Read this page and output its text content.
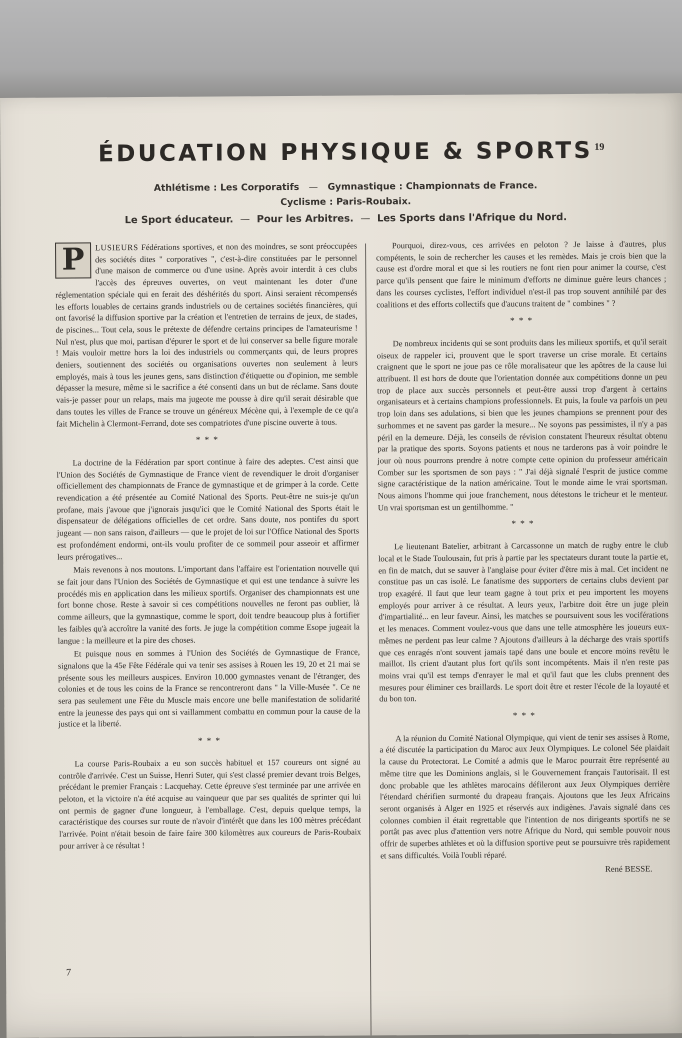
19
ÉDUCATION PHYSIQUE & SPORTS
Athlétisme : Les Corporatifs — Gymnastique : Championnats de France.
Cyclisme : Paris-Roubaix.
Le Sport éducateur. — Pour les Arbitres. — Les Sports dans l'Afrique du Nord.

P LUSIEURS Fédérations sportives, et non des moindres, se sont préoccupées des sociétés dites " corporatives ", c'est-à-dire constituées par le personnel d'une maison de commerce ou d'une usine. Après avoir interdit à ces clubs l'accès des épreuves ouvertes, on veut maintenant les doter d'une réglementation spéciale qui en ferait des déshérités du sport. Ainsi seraient récompensés les efforts louables de certains grands industriels ou de certaines sociétés financières, qui ont favorisé la diffusion sportive par la création et l'entretien de terrains de jeux, de stades, de piscines... Tout cela, sous le prétexte de défendre certains principes de l'amateurisme ! Nul n'est, plus que moi, partisan d'épurer le sport et de lui conserver sa belle figure morale ! Mais vouloir mettre hors la loi des industriels ou commerçants qui, de leurs propres deniers, soutiennent des sociétés ou organisations ouvertes non seulement à leurs employés, mais à tous les jeunes gens, sans distinction d'étiquette ou d'opinion, me semble dépasser la mesure, même si le sacrifice a été consenti dans un but de réclame. Sans doute vais-je passer pour un relaps, mais ma jugeote me pousse à dire qu'il serait désirable que dans toutes les villes de France se trouve un généreux Mécène qui, à l'exemple de ce qu'a fait Michelin à Clermont-Ferrand, dote ses compatriotes d'une piscine ouverte à tous.

* * *

La doctrine de la Fédération par sport continue à faire des adeptes. C'est ainsi que l'Union des Sociétés de Gymnastique de France vient de revendiquer le droit d'organiser officiellement des championnats de France de gymnastique et de grimper à la corde. Cette revendication a été présentée au Comité National des Sports. Peut-être ne suis-je qu'un profane, mais j'avoue que j'ignorais jusqu'ici que le Comité National des Sports était le dispensateur de délégations officielles de cet ordre. Sans doute, nos pontifes du sport jugeant — non sans raison, d'ailleurs — que le projet de loi sur l'Office National des Sports est profondément endormi, ont-ils voulu profiter de ce sommeil pour asseoir et affirmer leurs prérogatives...

Mais revenons à nos moutons. L'important dans l'affaire est l'orientation nouvelle qui se fait jour dans l'Union des Sociétés de Gymnastique et qui est une tendance à suivre les procédés mis en application dans les milieux sportifs. Organiser des championnats est une fort bonne chose. Reste à savoir si ces compétitions nouvelles ne feront pas oublier, là comme ailleurs, que la gymnastique, comme le sport, doit tendre beaucoup plus à fortifier les faibles qu'à accroître la vanité des forts. Je juge la compétition comme Esope jugeait la langue : la meilleure et la pire des choses.

Et puisque nous en sommes à l'Union des Sociétés de Gymnastique de France, signalons que la 45e Fête Fédérale qui va tenir ses assises à Rouen les 19, 20 et 21 mai se présente sous les meilleurs auspices. Environ 10.000 gymnastes venant de l'étranger, des colonies et de tous les coins de la France se rencontreront dans " la Ville-Musée ". Ce ne sera pas seulement une Fête du Muscle mais encore une belle manifestation de solidarité entre la jeunesse des pays qui ont si vaillamment combattu en commun pour la cause de la justice et la liberté.

* * *

La course Paris-Roubaix a eu son succès habituel et 157 coureurs ont signé au contrôle d'arrivée. C'est un Suisse, Henri Suter, qui s'est classé premier devant trois Belges, précédant le premier Français : Lacquehay. Cette épreuve s'est terminée par une arrivée en peloton, et la victoire n'a été acquise au vainqueur que par ses qualités de sprinter qui lui ont permis de gagner d'une longueur, à l'emballage. C'est, depuis quelque temps, la caractéristique des courses sur route de n'avoir d'intérêt que dans les 100 mètres précédant l'arrivée. Point n'était besoin de faire faire 300 kilomètres aux coureurs de Paris-Roubaix pour arriver à ce résultat !

Pourquoi, direz-vous, ces arrivées en peloton ? Je laisse à d'autres, plus compétents, le soin de rechercher les causes et les remèdes. Mais je crois bien que la cause est d'ordre moral et que si les routiers ne font rien pour animer la course, c'est parce qu'ils pensent que faire le minimum d'efforts ne diminue guère leurs chances ; dans les courses cyclistes, l'effort individuel n'est-il pas trop souvent annihilé par des coalitions et des efforts collectifs que d'aucuns traitent de " combines " ?

* * *

De nombreux incidents qui se sont produits dans les milieux sportifs, et qu'il serait oiseux de rappeler ici, prouvent que le sport traverse un crise morale. Et certains craignent que le sport ne joue pas ce rôle moralisateur que les apôtres de la cause lui attribuent. Il est hors de doute que l'orientation donnée aux compétitions donne un peu trop de place aux succès personnels et peut-être aussi trop d'argent à certains organisateurs et à certains champions professionnels. Et puis, la foule va parfois un peu trop loin dans ses adulations, si bien que les jeunes champions se prennent pour des surhommes et ne savent pas garder la mesure... Ne soyons pas pessimistes, il n'y a pas péril en la demeure. Déjà, les conseils de révision constatent l'heureux résultat obtenu par la pratique des sports. Soyons patients et nous ne tarderons pas à voir poindre le jour où nous pourrons prendre à notre compte cette opinion du professeur américain Comber sur les sportsmen de son pays : " J'ai déjà signalé l'esprit de justice comme signe caractéristique de la nation américaine. Tout le monde aime le vrai sportsman. Nous aimons l'homme qui joue franchement, nous détestons le tricheur et le menteur. Un vrai sportsman est un gentilhomme. "

* * *

Le lieutenant Batelier, arbitrant à Carcassonne un match de rugby entre le club local et le Stade Toulousain, fut pris à partie par les spectateurs durant toute la partie et, en fin de match, dut se sauver à l'anglaise pour éviter d'être mis à mal. Cet incident ne constitue pas un cas isolé. Le fanatisme des supporters de certains clubs devient par trop exagéré. Il faut que leur team gagne à tout prix et peu importent les moyens employés pour arriver à ce résultat. A leurs yeux, l'arbitre doit être un juge plein d'impartialité... en leur faveur. Ainsi, les matches se poursuivent sous les vociférations et les menaces. Comment voulez-vous que dans une telle atmosphère les joueurs eux-mêmes ne perdent pas leur calme ? Ajoutons d'ailleurs à la décharge des vrais sportifs que ces enragés n'ont souvent jamais tapé dans une boule et encore moins revêtu le maillot. Ils crient d'autant plus fort qu'ils sont incompétents. Mais il n'en reste pas moins vrai qu'il est temps d'enrayer le mal et qu'il faut que les clubs prennent des mesures pour éliminer ces braillards. Le sport doit être et rester l'école de la loyauté et du bon ton.

* * *

A la réunion du Comité National Olympique, qui vient de tenir ses assises à Rome, a été discutée la participation du Maroc aux Jeux Olympiques. Le colonel Sée plaidait la cause du Protectorat. Le Comité a admis que le Maroc pourrait être représenté au même titre que les Dominions anglais, si le Gouvernement français l'autorisait. Il est donc probable que les athlètes marocains défileront aux Jeux Olympiques derrière l'étendard chérifien surmonté du drapeau français. Ajoutons que les Jeux Africains seront organisés à Alger en 1925 et réservés aux indigènes. J'avais signalé dans ces colonnes combien il était regrettable que l'intention de nos dirigeants sportifs ne se portât pas avec plus d'attention vers notre Afrique du Nord, qui semble pouvoir nous offrir de superbes athlètes et où la diffusion sportive peut se poursuivre très rapidement et sans difficultés. Voilà l'oubli réparé.

René BESSE.
7
